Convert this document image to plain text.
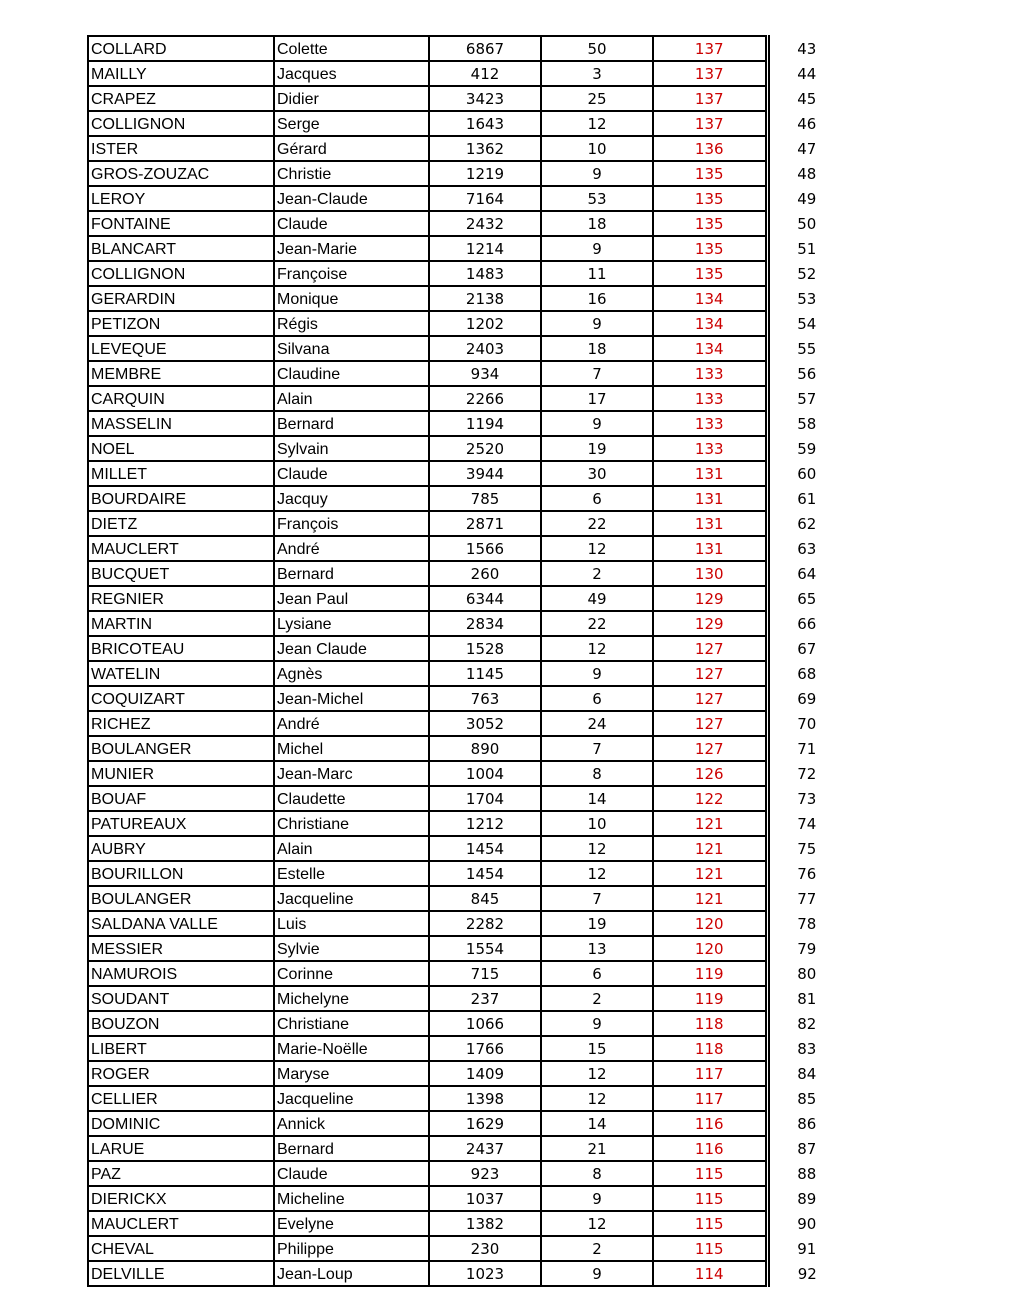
COLLARD	Colette	6867	50	137	43
MAILLY	Jacques	412	3	137	44
CRAPEZ	Didier	3423	25	137	45
COLLIGNON	Serge	1643	12	137	46
ISTER	Gérard	1362	10	136	47
GROS-ZOUZAC	Christie	1219	9	135	48
LEROY	Jean-Claude	7164	53	135	49
FONTAINE	Claude	2432	18	135	50
BLANCART	Jean-Marie	1214	9	135	51
COLLIGNON	Françoise	1483	11	135	52
GERARDIN	Monique	2138	16	134	53
PETIZON	Régis	1202	9	134	54
LEVEQUE	Silvana	2403	18	134	55
MEMBRE	Claudine	934	7	133	56
CARQUIN	Alain	2266	17	133	57
MASSELIN	Bernard	1194	9	133	58
NOEL	Sylvain	2520	19	133	59
MILLET	Claude	3944	30	131	60
BOURDAIRE	Jacquy	785	6	131	61
DIETZ	François	2871	22	131	62
MAUCLERT	André	1566	12	131	63
BUCQUET	Bernard	260	2	130	64
REGNIER	Jean Paul	6344	49	129	65
MARTIN	Lysiane	2834	22	129	66
BRICOTEAU	Jean Claude	1528	12	127	67
WATELIN	Agnès	1145	9	127	68
COQUIZART	Jean-Michel	763	6	127	69
RICHEZ	André	3052	24	127	70
BOULANGER	Michel	890	7	127	71
MUNIER	Jean-Marc	1004	8	126	72
BOUAF	Claudette	1704	14	122	73
PATUREAUX	Christiane	1212	10	121	74
AUBRY	Alain	1454	12	121	75
BOURILLON	Estelle	1454	12	121	76
BOULANGER	Jacqueline	845	7	121	77
SALDANA VALLE	Luis	2282	19	120	78
MESSIER	Sylvie	1554	13	120	79
NAMUROIS	Corinne	715	6	119	80
SOUDANT	Michelyne	237	2	119	81
BOUZON	Christiane	1066	9	118	82
LIBERT	Marie-Noëlle	1766	15	118	83
ROGER	Maryse	1409	12	117	84
CELLIER	Jacqueline	1398	12	117	85
DOMINIC	Annick	1629	14	116	86
LARUE	Bernard	2437	21	116	87
PAZ	Claude	923	8	115	88
DIERICKX	Micheline	1037	9	115	89
MAUCLERT	Evelyne	1382	12	115	90
CHEVAL	Philippe	230	2	115	91
DELVILLE	Jean-Loup	1023	9	114	92
